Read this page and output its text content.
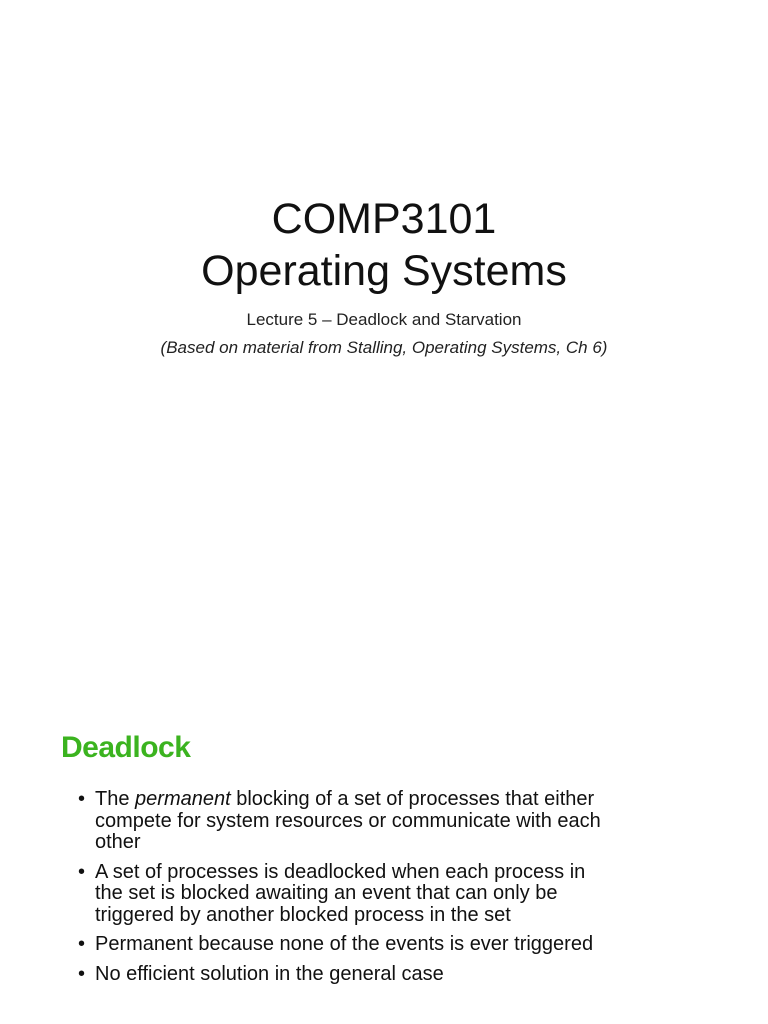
COMP3101
Operating Systems
Lecture 5 – Deadlock and Starvation
(Based on material from Stalling, Operating Systems, Ch 6)
Deadlock
• The permanent blocking of a set of processes that either compete for system resources or communicate with each other
• A set of processes is deadlocked when each process in the set is blocked awaiting an event that can only be triggered by another blocked process in the set
• Permanent because none of the events is ever triggered
• No efficient solution in the general case
